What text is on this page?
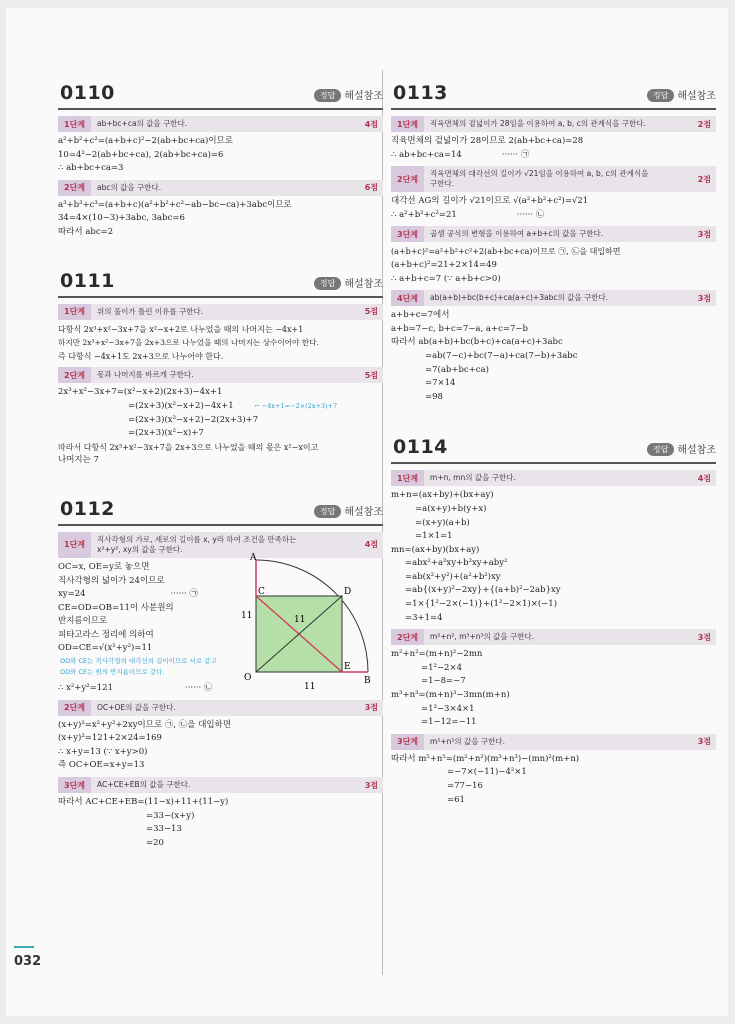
0110	정답 해설참조
1단계	ab+bc+ca의 값을 구한다.	4점
a²+b²+c²=(a+b+c)²−2(ab+bc+ca)이므로
10=4²−2(ab+bc+ca), 2(ab+bc+ca)=6
∴ ab+bc+ca=3
2단계	abc의 값을 구한다.	6점
a³+b³+c³=(a+b+c)(a²+b²+c²−ab−bc−ca)+3abc이므로
34=4×(10−3)+3abc, 3abc=6
따라서 abc=2
0111	정답 해설참조
1단계	위의 풀이가 틀린 이유를 구한다.	5점
다항식 2x³+x²−3x+7을 x²−x+2로 나누었을 때의 나머지는 −4x+1
하지만 2x³+x²−3x+7을 2x+3으로 나누었을 때의 나머지는 상수이어야 한다.
즉 다항식 −4x+1도 2x+3으로 나누어야 한다.
2단계	몫과 나머지를 바르게 구한다.	5점
2x³+x²−3x+7=(x²−x+2)(2x+3)−4x+1
=(2x+3)(x²−x+2)−4x+1	← −4x+1=−2×(2x+3)+7
=(2x+3)(x²−x+2)−2(2x+3)+7
=(2x+3)(x²−x)+7
따라서 다항식 2x³+x²−3x+7을 2x+3으로 나누었을 때의 몫은 x²−x이고
나머지는 7
0112	정답 해설참조
1단계
직사각형의 가로, 세로의 길이를 x, y라 하여 조건을 만족하는
x²+y², xy의 값을 구한다.	4점
OC=x, OE=y로 놓으면
직사각형의 넓이가 24이므로
xy=24	······ ㉠
CE=OD=OB=11이 사분원의
반지름이므로
피타고라스 정리에 의하여
OD=CE=√(x²+y²)=11
OD와 CE는 직사각형의 대각선의 길이이므로 서로 같고
OD와 CE는 원의 반지름이므로 같다.
∴ x²+y²=121	······ ㉡
A
C	D
E
B
O
11
11
11
2단계	OC+OE의 값을 구한다.	3점
(x+y)²=x²+y²+2xy이므로 ㉠, ㉡을 대입하면
(x+y)²=121+2×24=169
∴ x+y=13 (∵ x+y>0)
즉 OC+OE=x+y=13
3단계	AC+CE+EB의 값을 구한다.	3점
따라서 AC+CE+EB=(11−x)+11+(11−y)
=33−(x+y)
=33−13
=20
0113	정답 해설참조
1단계	직육면체의 겉넓이가 28임을 이용하여 a, b, c의 관계식을 구한다.	2점
직육면체의 겉넓이가 28이므로 2(ab+bc+ca)=28
∴ ab+bc+ca=14	······ ㉠
2단계
직육면체의 대각선의 길이가 √21임을 이용하여 a, b, c의 관계식을
구한다.	2점
대각선 AG의 길이가 √21이므로 √(a²+b²+c²)=√21
∴ a²+b²+c²=21	······ ㉡
3단계	곱셈 공식의 변형을 이용하여 a+b+c의 값을 구한다.	3점
(a+b+c)²=a²+b²+c²+2(ab+bc+ca)이므로 ㉠, ㉡을 대입하면
(a+b+c)²=21+2×14=49
∴ a+b+c=7 (∵ a+b+c>0)
4단계	ab(a+b)+bc(b+c)+ca(a+c)+3abc의 값을 구한다.	3점
a+b+c=7에서
a+b=7−c, b+c=7−a, a+c=7−b
따라서 ab(a+b)+bc(b+c)+ca(a+c)+3abc
=ab(7−c)+bc(7−a)+ca(7−b)+3abc
=7(ab+bc+ca)
=7×14
=98
0114	정답 해설참조
1단계	m+n, mn의 값을 구한다.	4점
m+n=(ax+by)+(bx+ay)
=a(x+y)+b(y+x)
=(x+y)(a+b)
=1×1=1
mn=(ax+by)(bx+ay)
=abx²+a²xy+b²xy+aby²
=ab(x²+y²)+(a²+b²)xy
=ab{(x+y)²−2xy}+{(a+b)²−2ab}xy
=1×{1²−2×(−1)}+(1²−2×1)×(−1)
=3+1=4
2단계	m²+n², m³+n³의 값을 구한다.	3점
m²+n²=(m+n)²−2mn
=1²−2×4
=1−8=−7
m³+n³=(m+n)³−3mn(m+n)
=1³−3×4×1
=1−12=−11
3단계	m⁵+n⁵의 값을 구한다.	3점
따라서 m⁵+n⁵=(m²+n²)(m³+n³)−(mn)²(m+n)
=−7×(−11)−4²×1
=77−16
=61
032
